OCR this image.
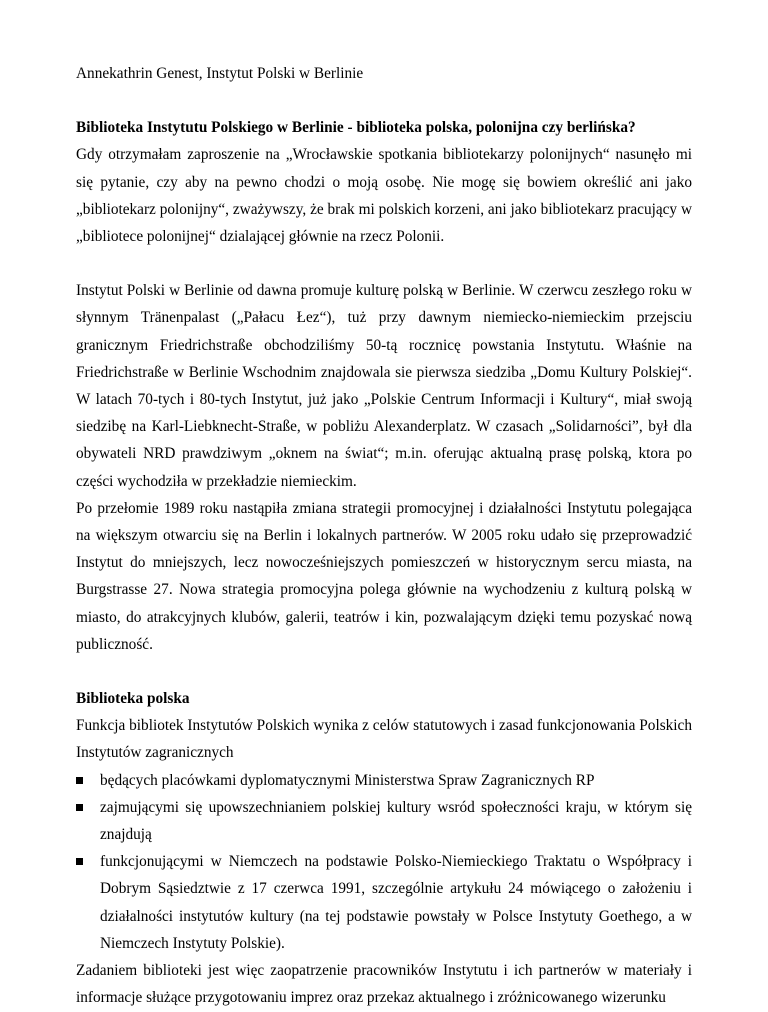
Annekathrin Genest, Instytut Polski w Berlinie

Biblioteka Instytutu Polskiego w Berlinie - biblioteka polska, polonijna czy berlińska?

Gdy otrzymałam zaproszenie na „Wrocławskie spotkania bibliotekarzy polonijnych“ nasunęło mi się pytanie, czy aby na pewno chodzi o moją osobę. Nie mogę się bowiem określić ani jako „bibliotekarz polonijny“, zważywszy, że brak mi polskich korzeni, ani jako bibliotekarz pracujący w „bibliotece polonijnej“ dzialającej głównie na rzecz Polonii.

Instytut Polski w Berlinie od dawna promuje kulturę polską w Berlinie. W czerwcu zeszłego roku w słynnym Tränenpalast („Pałacu Łez“), tuż przy dawnym niemiecko-niemieckim przejsciu granicznym Friedrichstraße obchodziliśmy 50-tą rocznicę powstania Instytutu. Właśnie na Friedrichstraße w Berlinie Wschodnim znajdowala sie pierwsza siedziba „Domu Kultury Polskiej“. W latach 70-tych i 80-tych Instytut, już jako „Polskie Centrum Informacji i Kultury“, miał swoją siedzibę na Karl-Liebknecht-Straße, w pobliżu Alexanderplatz. W czasach „Solidarności”, był dla obywateli NRD prawdziwym „oknem na świat“; m.in. oferując aktualną prasę polską, ktora po części wychodziła w przekładzie niemieckim.

Po przełomie 1989 roku nastąpiła zmiana strategii promocyjnej i działalności Instytutu polegająca na większym otwarciu się na Berlin i lokalnych partnerów. W 2005 roku udało się przeprowadzić Instytut do mniejszych, lecz nowocześniejszych pomieszczeń w historycznym sercu miasta, na Burgstrasse 27. Nowa strategia promocyjna polega głównie na wychodzeniu z kulturą polską w miasto, do atrakcyjnych klubów, galerii, teatrów i kin, pozwalającym dzięki temu pozyskać nową publiczność.

Biblioteka polska

Funkcja bibliotek Instytutów Polskich wynika z celów statutowych i zasad funkcjonowania Polskich Instytutów zagranicznych

będących placówkami dyplomatycznymi Ministerstwa Spraw Zagranicznych RP
zajmującymi się upowszechnianiem polskiej kultury wsród społeczności kraju, w którym się znajdują
funkcjonującymi w Niemczech na podstawie Polsko-Niemieckiego Traktatu o Współpracy i Dobrym Sąsiedztwie z 17 czerwca 1991, szczególnie artykułu 24 mówiącego o założeniu i działalności instytutów kultury (na tej podstawie powstały w Polsce Instytuty Goethego, a w Niemczech Instytuty Polskie).

Zadaniem biblioteki jest więc zaopatrzenie pracowników Instytutu i ich partnerów w materiały i informacje służące przygotowaniu imprez oraz przekaz aktualnego i zróżnicowanego wizerunku
